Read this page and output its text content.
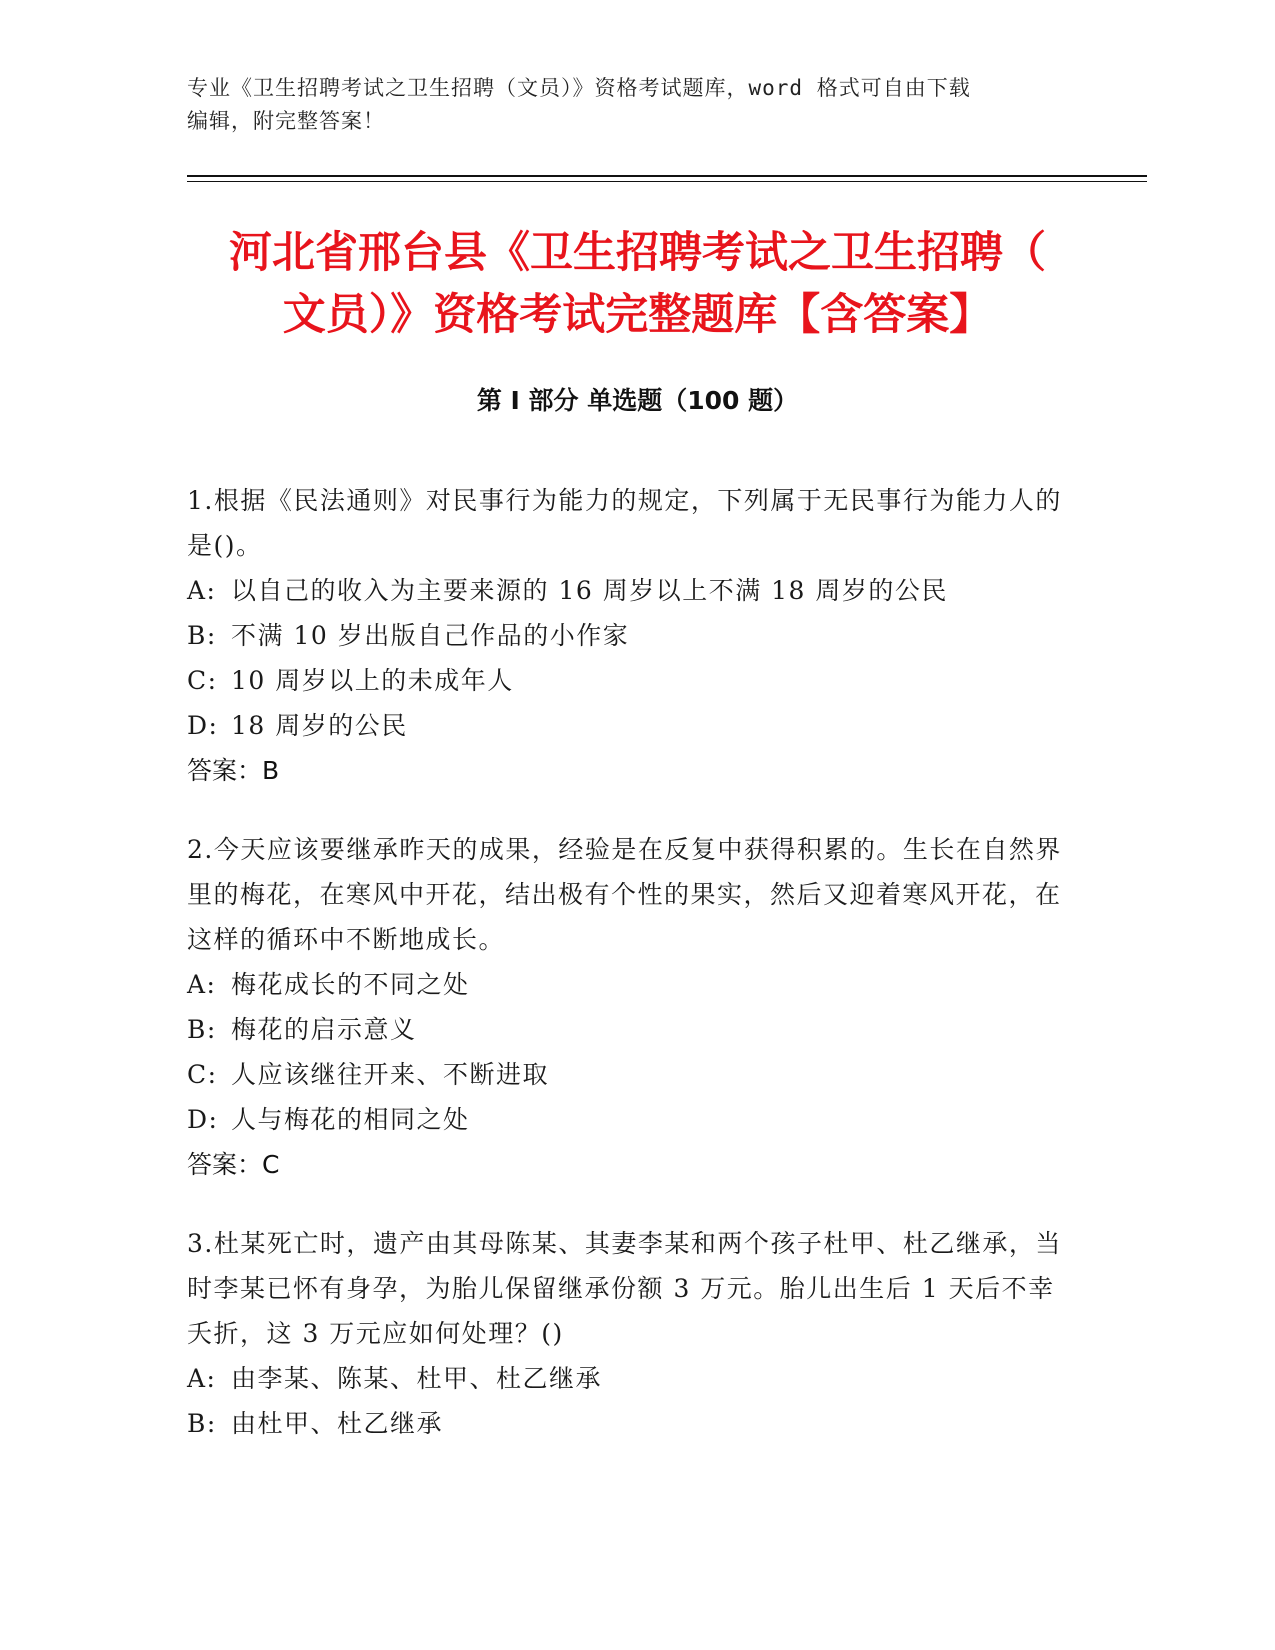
专业《卫生招聘考试之卫生招聘（文员）》资格考试题库，word 格式可自由下载
编辑，附完整答案！
河北省邢台县《卫生招聘考试之卫生招聘（
文员）》资格考试完整题库【含答案】
第 I 部分 单选题（100 题）
1.根据《民法通则》对民事行为能力的规定，下列属于无民事行为能力人的是()。
A: 以自己的收入为主要来源的 16 周岁以上不满 18 周岁的公民
B: 不满 10 岁出版自己作品的小作家
C: 10 周岁以上的未成年人
D: 18 周岁的公民
答案：B
2.今天应该要继承昨天的成果，经验是在反复中获得积累的。生长在自然界里的梅花，在寒风中开花，结出极有个性的果实，然后又迎着寒风开花，在这样的循环中不断地成长。
A: 梅花成长的不同之处
B: 梅花的启示意义
C: 人应该继往开来、不断进取
D: 人与梅花的相同之处
答案：C
3.杜某死亡时，遗产由其母陈某、其妻李某和两个孩子杜甲、杜乙继承，当时李某已怀有身孕，为胎儿保留继承份额 3 万元。胎儿出生后 1 天后不幸夭折，这 3 万元应如何处理？()
A: 由李某、陈某、杜甲、杜乙继承
B: 由杜甲、杜乙继承
